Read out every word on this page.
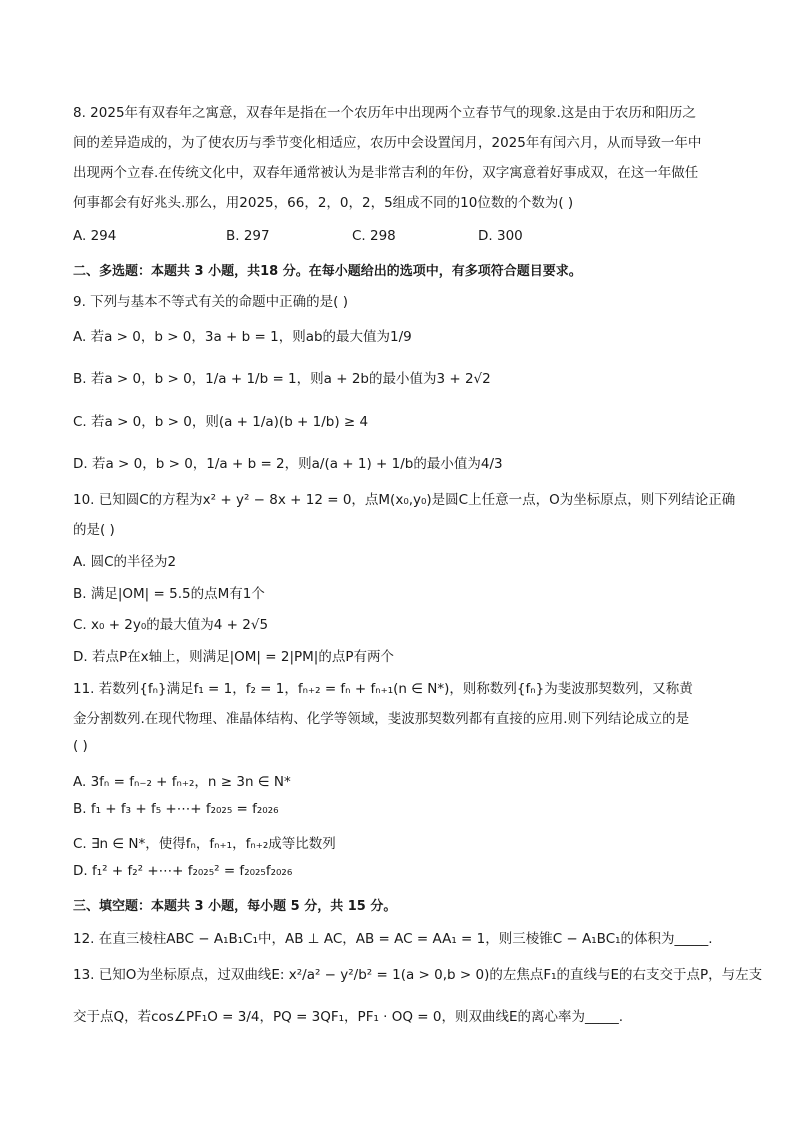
8. 2025年有双春年之寓意，双春年是指在一个农历年中出现两个立春节气的现象.这是由于农历和阳历之
间的差异造成的，为了使农历与季节变化相适应，农历中会设置闰月，2025年有闰六月，从而导致一年中
出现两个立春.在传统文化中，双春年通常被认为是非常吉利的年份，双字寓意着好事成双，在这一年做任
何事都会有好兆头.那么，用2025，66，2，0，2，5组成不同的10位数的个数为( )
A. 294	B. 297	C. 298	D. 300
二、多选题：本题共 3 小题，共18 分。在每小题给出的选项中，有多项符合题目要求。
9. 下列与基本不等式有关的命题中正确的是( )
A. 若a > 0，b > 0，3a + b = 1，则ab的最大值为1/9
B. 若a > 0，b > 0，1/a + 1/b = 1，则a + 2b的最小值为3 + 2√2
C. 若a > 0，b > 0，则(a + 1/a)(b + 1/b) ≥ 4
D. 若a > 0，b > 0，1/a + b = 2，则a/(a + 1) + 1/b的最小值为4/3
10. 已知圆C的方程为x² + y² − 8x + 12 = 0，点M(x₀,y₀)是圆C上任意一点，O为坐标原点，则下列结论正确
的是( )
A. 圆C的半径为2
B. 满足|OM| = 5.5的点M有1个
C. x₀ + 2y₀的最大值为4 + 2√5
D. 若点P在x轴上，则满足|OM| = 2|PM|的点P有两个
11. 若数列{fₙ}满足f₁ = 1，f₂ = 1，fₙ₊₂ = fₙ + fₙ₊₁(n ∈ N*)，则称数列{fₙ}为斐波那契数列，又称黄
金分割数列.在现代物理、准晶体结构、化学等领域，斐波那契数列都有直接的应用.则下列结论成立的是
( )
A. 3fₙ = fₙ₋₂ + fₙ₊₂，n ≥ 3n ∈ N*
B. f₁ + f₃ + f₅ +⋯+ f₂₀₂₅ = f₂₀₂₆
C. ∃n ∈ N*，使得fₙ，fₙ₊₁，fₙ₊₂成等比数列
D. f₁² + f₂² +⋯+ f₂₀₂₅² = f₂₀₂₅f₂₀₂₆
三、填空题：本题共 3 小题，每小题 5 分，共 15 分。
12. 在直三棱柱ABC − A₁B₁C₁中，AB ⊥ AC，AB = AC = AA₁ = 1，则三棱锥C − A₁BC₁的体积为_____.
13. 已知O为坐标原点，过双曲线E: x²/a² − y²/b² = 1(a > 0,b > 0)的左焦点F₁的直线与E的右支交于点P，与左支
交于点Q，若cos∠PF₁O = 3/4，PQ = 3QF₁，PF₁ · OQ = 0，则双曲线E的离心率为_____.
